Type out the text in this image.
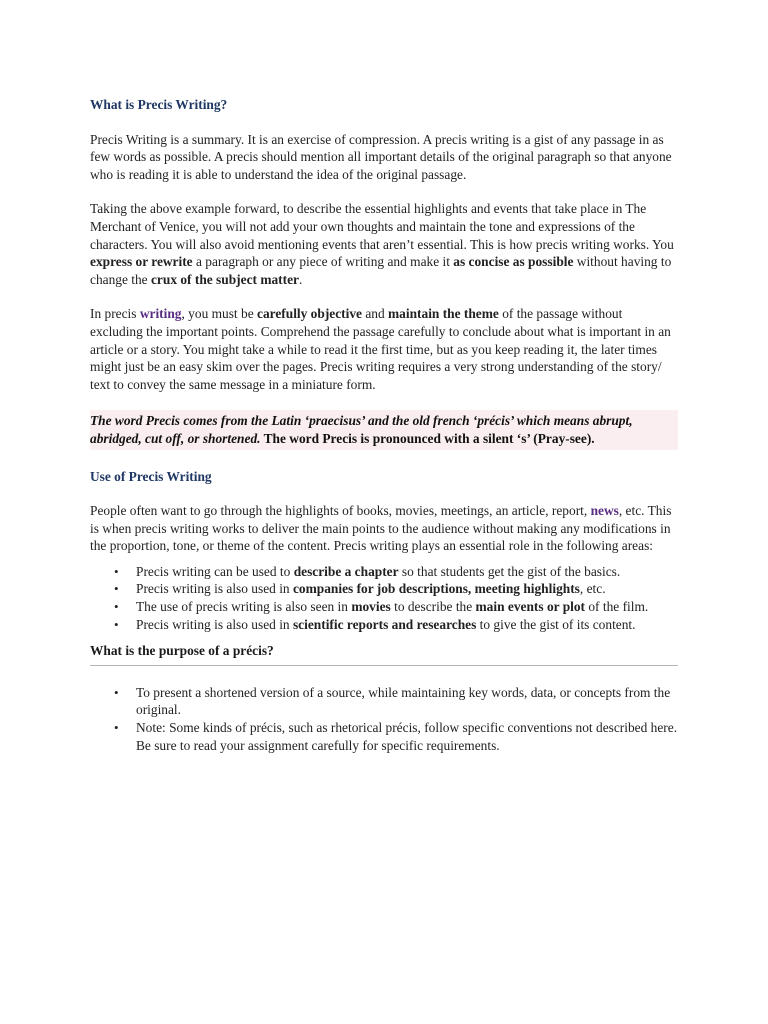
What is Precis Writing?

Precis Writing is a summary. It is an exercise of compression. A precis writing is a gist of any passage in as few words as possible. A precis should mention all important details of the original paragraph so that anyone who is reading it is able to understand the idea of the original passage.

Taking the above example forward, to describe the essential highlights and events that take place in The Merchant of Venice, you will not add your own thoughts and maintain the tone and expressions of the characters. You will also avoid mentioning events that aren’t essential. This is how precis writing works. You express or rewrite a paragraph or any piece of writing and make it as concise as possible without having to change the crux of the subject matter.

In precis writing, you must be carefully objective and maintain the theme of the passage without excluding the important points. Comprehend the passage carefully to conclude about what is important in an article or a story. You might take a while to read it the first time, but as you keep reading it, the later times might just be an easy skim over the pages. Precis writing requires a very strong understanding of the story/ text to convey the same message in a miniature form.

The word Precis comes from the Latin ‘praecisus’ and the old french ‘précis’ which means abrupt, abridged, cut off, or shortened. The word Precis is pronounced with a silent ‘s’ (Pray-see).
Use of Precis Writing

People often want to go through the highlights of books, movies, meetings, an article, report, news, etc. This is when precis writing works to deliver the main points to the audience without making any modifications in the proportion, tone, or theme of the content. Precis writing plays an essential role in the following areas:

• Precis writing can be used to describe a chapter so that students get the gist of the basics.
• Precis writing is also used in companies for job descriptions, meeting highlights, etc.
• The use of precis writing is also seen in movies to describe the main events or plot of the film.
• Precis writing is also used in scientific reports and researches to give the gist of its content.
What is the purpose of a précis?
• To present a shortened version of a source, while maintaining key words, data, or concepts from the original.
• Note: Some kinds of précis, such as rhetorical précis, follow specific conventions not described here. Be sure to read your assignment carefully for specific requirements.
